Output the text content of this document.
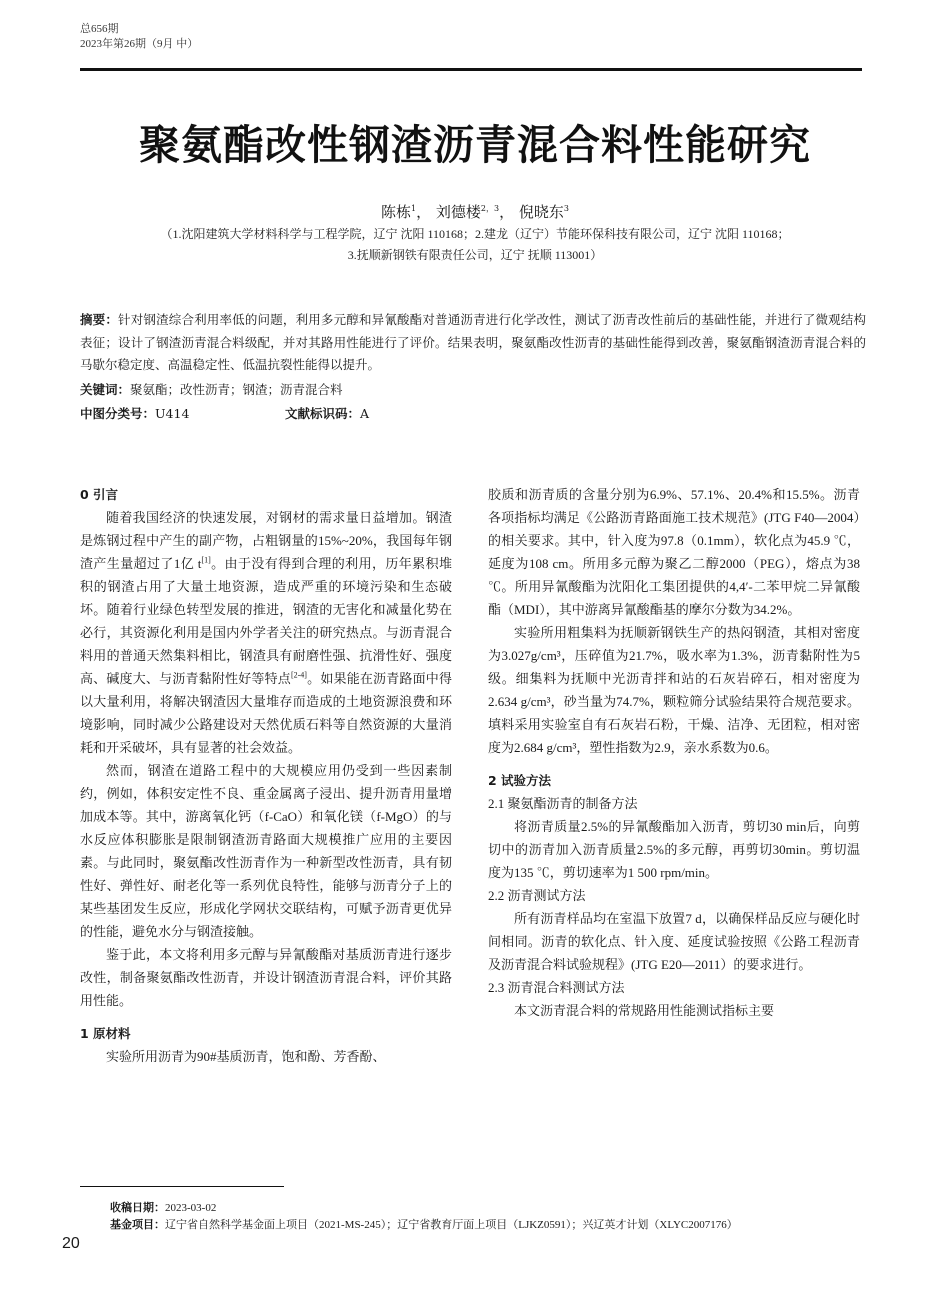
总656期
2023年第26期（9月 中）
聚氨酯改性钢渣沥青混合料性能研究
陈栋$^1$， 刘德楼$^{2,3}$， 倪晓东$^3$
（1.沈阳建筑大学材料科学与工程学院，辽宁 沈阳 110168；2.建龙（辽宁）节能环保科技有限公司，辽宁 沈阳 110168；
3.抚顺新钢铁有限责任公司，辽宁 抚顺 113001）
摘要：针对钢渣综合利用率低的问题，利用多元醇和异氰酸酯对普通沥青进行化学改性，测试了沥青改性前后的基础性能，并进行了微观结构表征；设计了钢渣沥青混合料级配，并对其路用性能进行了评价。结果表明，聚氨酯改性沥青的基础性能得到改善，聚氨酯钢渣沥青混合料的马歇尔稳定度、高温稳定性、低温抗裂性能得以提升。
关键词：聚氨酯；改性沥青；钢渣；沥青混合料
中图分类号：U414	文献标识码：A
0 引言

随着我国经济的快速发展，对钢材的需求量日益增加。钢渣是炼钢过程中产生的副产物，占粗钢量的15%~20%，我国每年钢渣产生量超过了1亿 t[1]。由于没有得到合理的利用，历年累积堆积的钢渣占用了大量土地资源，造成严重的环境污染和生态破坏。随着行业绿色转型发展的推进，钢渣的无害化和减量化势在必行，其资源化利用是国内外学者关注的研究热点。与沥青混合料用的普通天然集料相比，钢渣具有耐磨性强、抗滑性好、强度高、碱度大、与沥青黏附性好等特点[2-4]。如果能在沥青路面中得以大量利用，将解决钢渣因大量堆存而造成的土地资源浪费和环境影响，同时减少公路建设对天然优质石料等自然资源的大量消耗和开采破坏，具有显著的社会效益。

然而，钢渣在道路工程中的大规模应用仍受到一些因素制约，例如，体积安定性不良、重金属离子浸出、提升沥青用量增加成本等。其中，游离氧化钙（f-CaO）和氧化镁（f-MgO）的与水反应体积膨胀是限制钢渣沥青路面大规模推广应用的主要因素。与此同时，聚氨酯改性沥青作为一种新型改性沥青，具有韧性好、弹性好、耐老化等一系列优良特性，能够与沥青分子上的某些基团发生反应，形成化学网状交联结构，可赋予沥青更优异的性能，避免水分与钢渣接触。

鉴于此，本文将利用多元醇与异氰酸酯对基质沥青进行逐步改性，制备聚氨酯改性沥青，并设计钢渣沥青混合料，评价其路用性能。

1 原材料

实验所用沥青为90#基质沥青，饱和酚、芳香酚、

胶质和沥青质的含量分别为6.9%、57.1%、20.4%和15.5%。沥青各项指标均满足《公路沥青路面施工技术规范》(JTG F40—2004）的相关要求。其中，针入度为97.8（0.1mm），软化点为45.9 ℃，延度为108 cm。所用多元醇为聚乙二醇2000（PEG），熔点为38 ℃。所用异氰酸酯为沈阳化工集团提供的4,4′-二苯甲烷二异氰酸酯（MDI），其中游离异氰酸酯基的摩尔分数为34.2%。

实验所用粗集料为抚顺新钢铁生产的热闷钢渣，其相对密度为3.027g/cm³，压碎值为21.7%，吸水率为1.3%，沥青黏附性为5级。细集料为抚顺中光沥青拌和站的石灰岩碎石，相对密度为2.634 g/cm³，砂当量为74.7%，颗粒筛分试验结果符合规范要求。填料采用实验室自有石灰岩石粉，干燥、洁净、无团粒，相对密度为2.684 g/cm³，塑性指数为2.9，亲水系数为0.6。

2 试验方法
2.1 聚氨酯沥青的制备方法

将沥青质量2.5%的异氰酸酯加入沥青，剪切30 min后，向剪切中的沥青加入沥青质量2.5%的多元醇，再剪切30min。剪切温度为135 ℃，剪切速率为1 500 rpm/min。

2.2 沥青测试方法

所有沥青样品均在室温下放置7 d，以确保样品反应与硬化时间相同。沥青的软化点、针入度、延度试验按照《公路工程沥青及沥青混合料试验规程》(JTG E20—2011）的要求进行。

2.3 沥青混合料测试方法

本文沥青混合料的常规路用性能测试指标主要

收稿日期：2023-03-02
基金项目：辽宁省自然科学基金面上项目（2021-MS-245）；辽宁省教育厅面上项目（LJKZ0591）；兴辽英才计划（XLYC2007176）
20
